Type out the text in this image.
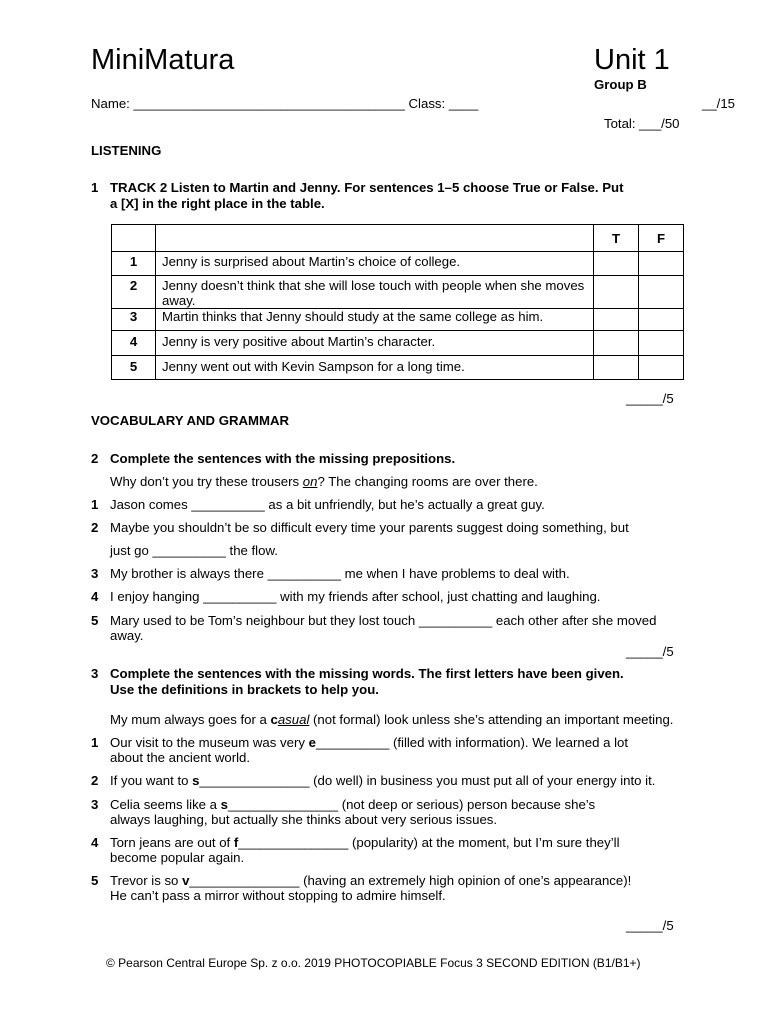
MiniMatura	Unit 1
Group B
Name: _____________________________________ Class: ____	__/15
Total: ___/50
LISTENING
1 TRACK 2 Listen to Martin and Jenny. For sentences 1–5 choose True or False. Put
a [X] in the right place in the table.
		T	F
1	Jenny is surprised about Martin’s choice of college.		
2	Jenny doesn’t think that she will lose touch with people when she moves away.		
3	Martin thinks that Jenny should study at the same college as him.		
4	Jenny is very positive about Martin’s character.		
5	Jenny went out with Kevin Sampson for a long time.		
_____/5
VOCABULARY AND GRAMMAR
2 Complete the sentences with the missing prepositions.
Why don’t you try these trousers on? The changing rooms are over there.
1 Jason comes __________ as a bit unfriendly, but he’s actually a great guy.
2 Maybe you shouldn’t be so difficult every time your parents suggest doing something, but
just go __________ the flow.
3 My brother is always there __________ me when I have problems to deal with.
4 I enjoy hanging __________ with my friends after school, just chatting and laughing.
5 Mary used to be Tom’s neighbour but they lost touch __________ each other after she moved
away.
_____/5
3 Complete the sentences with the missing words. The first letters have been given.
Use the definitions in brackets to help you.
My mum always goes for a casual (not formal) look unless she’s attending an important meeting.
1 Our visit to the museum was very e__________ (filled with information). We learned a lot
about the ancient world.
2 If you want to s_______________ (do well) in business you must put all of your energy into it.
3 Celia seems like a s_______________ (not deep or serious) person because she’s
always laughing, but actually she thinks about very serious issues.
4 Torn jeans are out of f_______________ (popularity) at the moment, but I’m sure they’ll
become popular again.
5 Trevor is so v_______________ (having an extremely high opinion of one’s appearance)!
He can’t pass a mirror without stopping to admire himself.
_____/5
© Pearson Central Europe Sp. z o.o. 2019 PHOTOCOPIABLE Focus 3 SECOND EDITION (B1/B1+)
